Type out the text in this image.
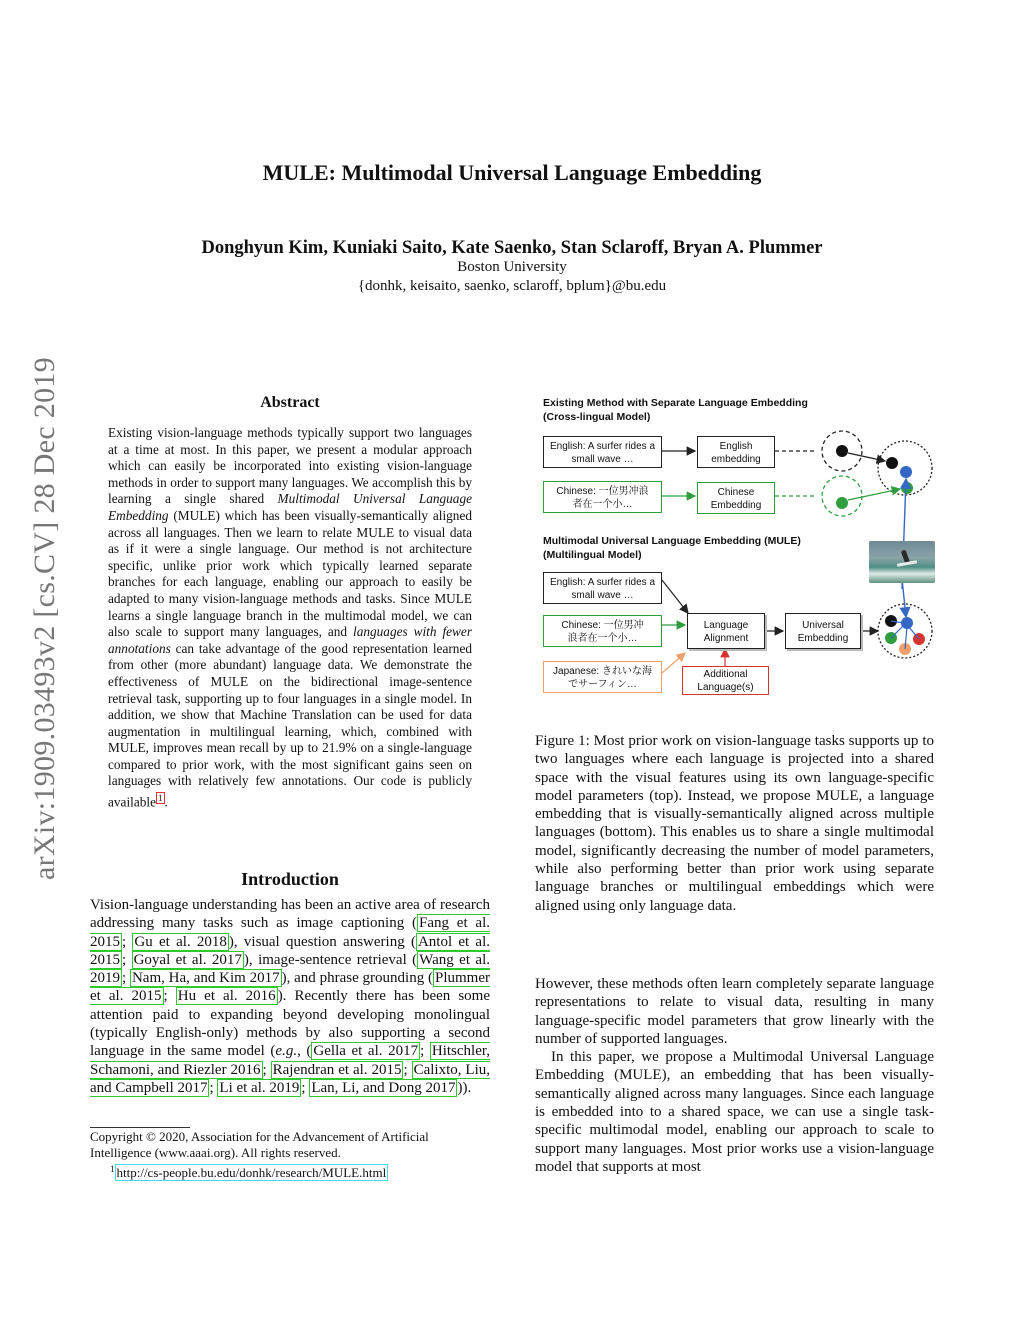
MULE: Multimodal Universal Language Embedding
Donghyun Kim, Kuniaki Saito, Kate Saenko, Stan Sclaroff, Bryan A. Plummer
Boston University
{donhk, keisaito, saenko, sclaroff, bplum}@bu.edu
arXiv:1909.03493v2 [cs.CV] 28 Dec 2019	Abstract
Existing vision-language methods typically support two languages at a time at most. In this paper, we present a modular approach which can easily be incorporated into existing vision-language methods in order to support many languages. We accomplish this by learning a single shared Multimodal Universal Language Embedding (MULE) which has been visually-semantically aligned across all languages. Then we learn to relate MULE to visual data as if it were a single language. Our method is not architecture specific, unlike prior work which typically learned separate branches for each language, enabling our approach to easily be adapted to many vision-language methods and tasks. Since MULE learns a single language branch in the multimodal model, we can also scale to support many languages, and languages with fewer annotations can take advantage of the good representation learned from other (more abundant) language data. We demonstrate the effectiveness of MULE on the bidirectional image-sentence retrieval task, supporting up to four languages in a single model. In addition, we show that Machine Translation can be used for data augmentation in multilingual learning, which, combined with MULE, improves mean recall by up to 21.9% on a single-language compared to prior work, with the most significant gains seen on languages with relatively few annotations. Our code is publicly available $^1$ .
Introduction
Vision-language understanding has been an active area of research addressing many tasks such as image captioning ( Fang et al. 2015 ; Gu et al. 2018 ), visual question answering ( Antol et al. 2015 ; Goyal et al. 2017 ), image-sentence retrieval ( Wang et al. 2019 ; Nam, Ha, and Kim 2017 ), and phrase grounding ( Plummer et al. 2015 ; Hu et al. 2016 ). Recently there has been some attention paid to expanding beyond developing monolingual (typically English-only) methods by also supporting a second language in the same model (e.g., ( Gella et al. 2017 ; Hitschler, Schamoni, and Riezler 2016 ; Rajendran et al. 2015 ; Calixto, Liu, and Campbell 2017 ; Li et al. 2019 ; Lan, Li, and Dong 2017 )).
Copyright © 2020, Association for the Advancement of Artificial Intelligence (www.aaai.org). All rights reserved.
$^1$ http://cs-people.bu.edu/donhk/research/MULE.html
Existing Method with Separate Language Embedding
(Cross-lingual Model)
English: A surfer rides a
small wave …
English
embedding
Chinese: 一位男冲浪
者在一个小…
Chinese
Embedding
Multimodal Universal Language Embedding (MULE)
(Multilingual Model)
English: A surfer rides a
small wave …
Chinese: 一位男冲
浪者在一个小…
Japanese: きれいな海
でサーフィン…
Language
Alignment
Universal
Embedding
Additional
Language(s)
Figure 1: Most prior work on vision-language tasks supports up to two languages where each language is projected into a shared space with the visual features using its own language-specific model parameters (top). Instead, we propose MULE, a language embedding that is visually-semantically aligned across multiple languages (bottom). This enables us to share a single multimodal model, significantly decreasing the number of model parameters, while also performing better than prior work using separate language branches or multilingual embeddings which were aligned using only language data.

However, these methods often learn completely separate language representations to relate to visual data, resulting in many language-specific model parameters that grow linearly with the number of supported languages.

In this paper, we propose a Multimodal Universal Language Embedding (MULE), an embedding that has been visually-semantically aligned across many languages. Since each language is embedded into to a shared space, we can use a single task-specific multimodal model, enabling our approach to scale to support many languages. Most prior works use a vision-language model that supports at most
